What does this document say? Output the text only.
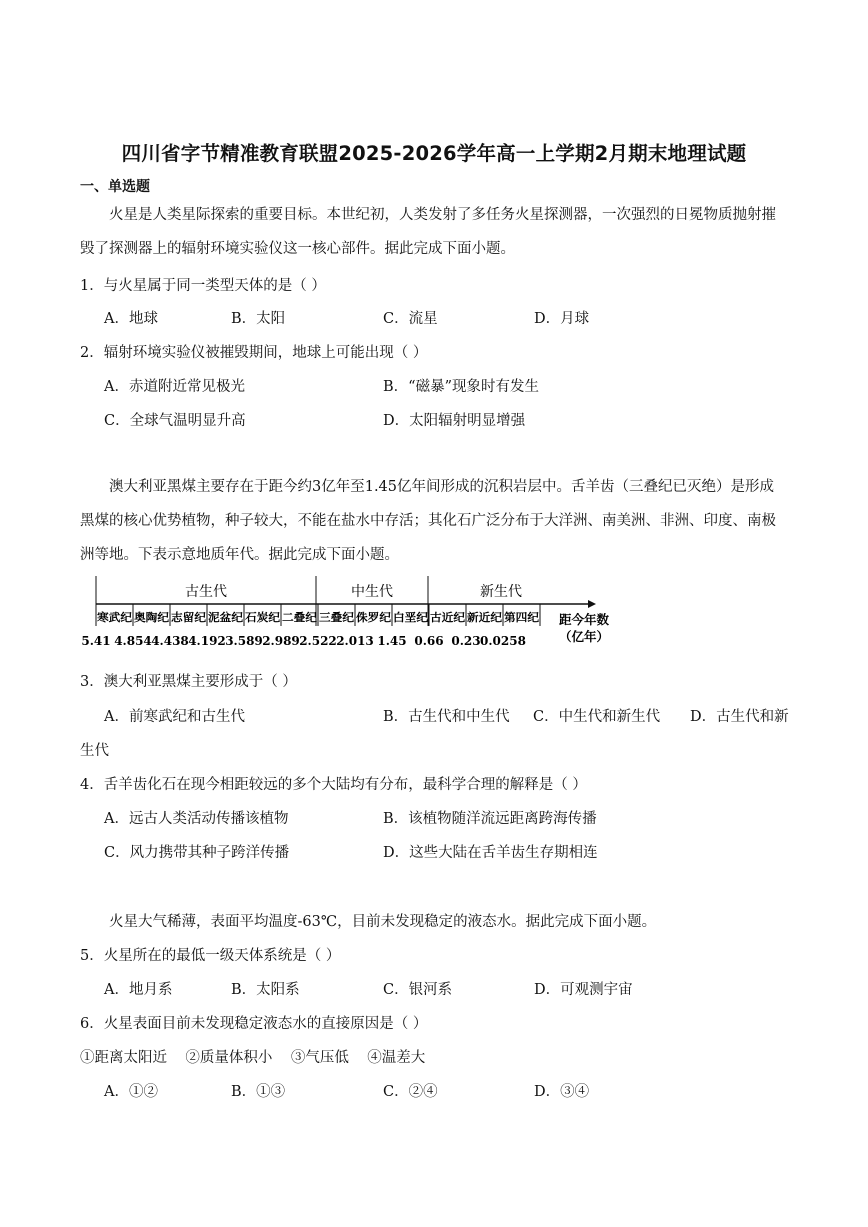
四川省字节精准教育联盟2025-2026学年高一上学期2月期末地理试题
一、单选题
火星是人类星际探索的重要目标。本世纪初，人类发射了多任务火星探测器，一次强烈的日冕物质抛射摧毁了探测器上的辐射环境实验仪这一核心部件。据此完成下面小题。
1．与火星属于同一类型天体的是（ ）
A．地球	B．太阳	C．流星	D．月球
2．辐射环境实验仪被摧毁期间，地球上可能出现（ ）
A．赤道附近常见极光	B．“磁暴”现象时有发生
C．全球气温明显升高	D．太阳辐射明显增强
澳大利亚黑煤主要存在于距今约3亿年至1.45亿年间形成的沉积岩层中。舌羊齿（三叠纪已灭绝）是形成黑煤的核心优势植物，种子较大，不能在盐水中存活；其化石广泛分布于大洋洲、南美洲、非洲、印度、南极洲等地。下表示意地质年代。据此完成下面小题。
古生代	中生代	新生代
寒武纪 奥陶纪 志留纪 泥盆纪 石炭纪 二叠纪 三叠纪 侏罗纪 白垩纪 古近纪 新近纪 第四纪
5.41 4.854 4.438 4.192 3.589 2.989 2.522 2.013 1.45 0.66 0.23 0.0258
距今年数
（亿年）
3．澳大利亚黑煤主要形成于（ ）
A．前寒武纪和古生代	B．古生代和中生代 C．中生代和新生代 D．古生代和新
生代
4．舌羊齿化石在现今相距较远的多个大陆均有分布，最科学合理的解释是（ ）
A．远古人类活动传播该植物	B．该植物随洋流远距离跨海传播
C．风力携带其种子跨洋传播	D．这些大陆在舌羊齿生存期相连
火星大气稀薄，表面平均温度-63℃，目前未发现稳定的液态水。据此完成下面小题。
5．火星所在的最低一级天体系统是（ ）
A．地月系	B．太阳系	C．银河系	D．可观测宇宙
6．火星表面目前未发现稳定液态水的直接原因是（ ）
①距离太阳近    ②质量体积小    ③气压低    ④温差大
A．①②	B．①③	C．②④	D．③④
